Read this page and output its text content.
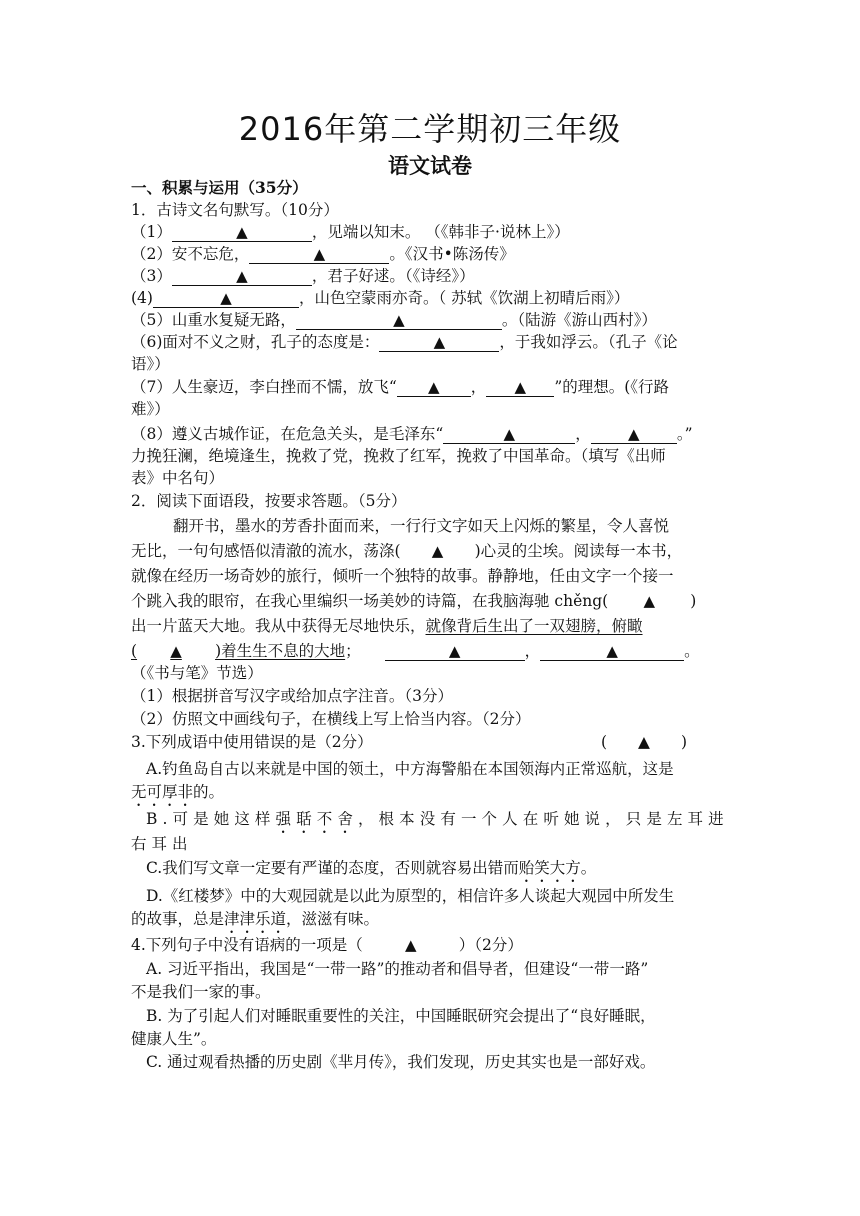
2016年第二学期初三年级
语文试卷
一、积累与运用（35分）
1．古诗文名句默写。（10分）
（1）	▲	，见端以知末。 （《韩非子·说林上》）
（2）安不忘危，	▲	。《汉书•陈汤传》
（3）	▲	，君子好逑。（《诗经》）
(4)	▲	，山色空蒙雨亦奇。（ 苏轼《饮湖上初晴后雨》）
（5）山重水复疑无路，	▲	。（陆游《游山西村》）
（6)面对不义之财，孔子的态度是：	▲	，于我如浮云。（孔子《论
语》）
（7）人生豪迈，李白挫而不懦，放飞“ ▲ ， ▲ ”的理想。(《行路
难》）
（8）遵义古城作证，在危急关头，是毛泽东“	▲	， ▲ 。”
力挽狂澜，绝境逢生，挽救了党，挽救了红军，挽救了中国革命。（填写《出师
表》中名句）
2．阅读下面语段，按要求答题。（5分）
翻开书，墨水的芳香扑面而来，一行行文字如天上闪烁的繁星，令人喜悦
无比，一句句感悟似清澈的流水，荡涤( ▲ )心灵的尘埃。阅读每一本书，
就像在经历一场奇妙的旅行，倾听一个独特的故事。静静地，任由文字一个接一
个跳入我的眼帘，在我心里编织一场美妙的诗篇，在我脑海驰 chěng( ▲ )
出一片蓝天大地。我从中获得无尽地快乐，就像背后生出了一双翅膀，俯瞰
( ▲ )着生生不息的大地；	▲	，	▲	。
（《书与笔》节选）
（1）根据拼音写汉字或给加点字注音。（3分）
（2）仿照文中画线句子，在横线上写上恰当内容。（2分）
3.下列成语中使用错误的是（2分）	(　　▲　　)
A.钓鱼岛自古以来就是中国的领土，中方海警船在本国领海内正常巡航，这是
无可厚非的。
B.可是她这样强聒不舍，根本没有一个人在听她说，只是左耳进
右耳出
C.我们写文章一定要有严谨的态度，否则就容易出错而贻笑大方。
D.《红楼梦》中的大观园就是以此为原型的，相信许多人谈起大观园中所发生
的故事，总是津津乐道，滋滋有味。
4.下列句子中没有语病的一项是（	▲	）（2分）
A. 习近平指出，我国是“一带一路”的推动者和倡导者，但建设“一带一路”
不是我们一家的事。
B. 为了引起人们对睡眠重要性的关注，中国睡眠研究会提出了“良好睡眠，
健康人生”。
C. 通过观看热播的历史剧《芈月传》，我们发现，历史其实也是一部好戏。
